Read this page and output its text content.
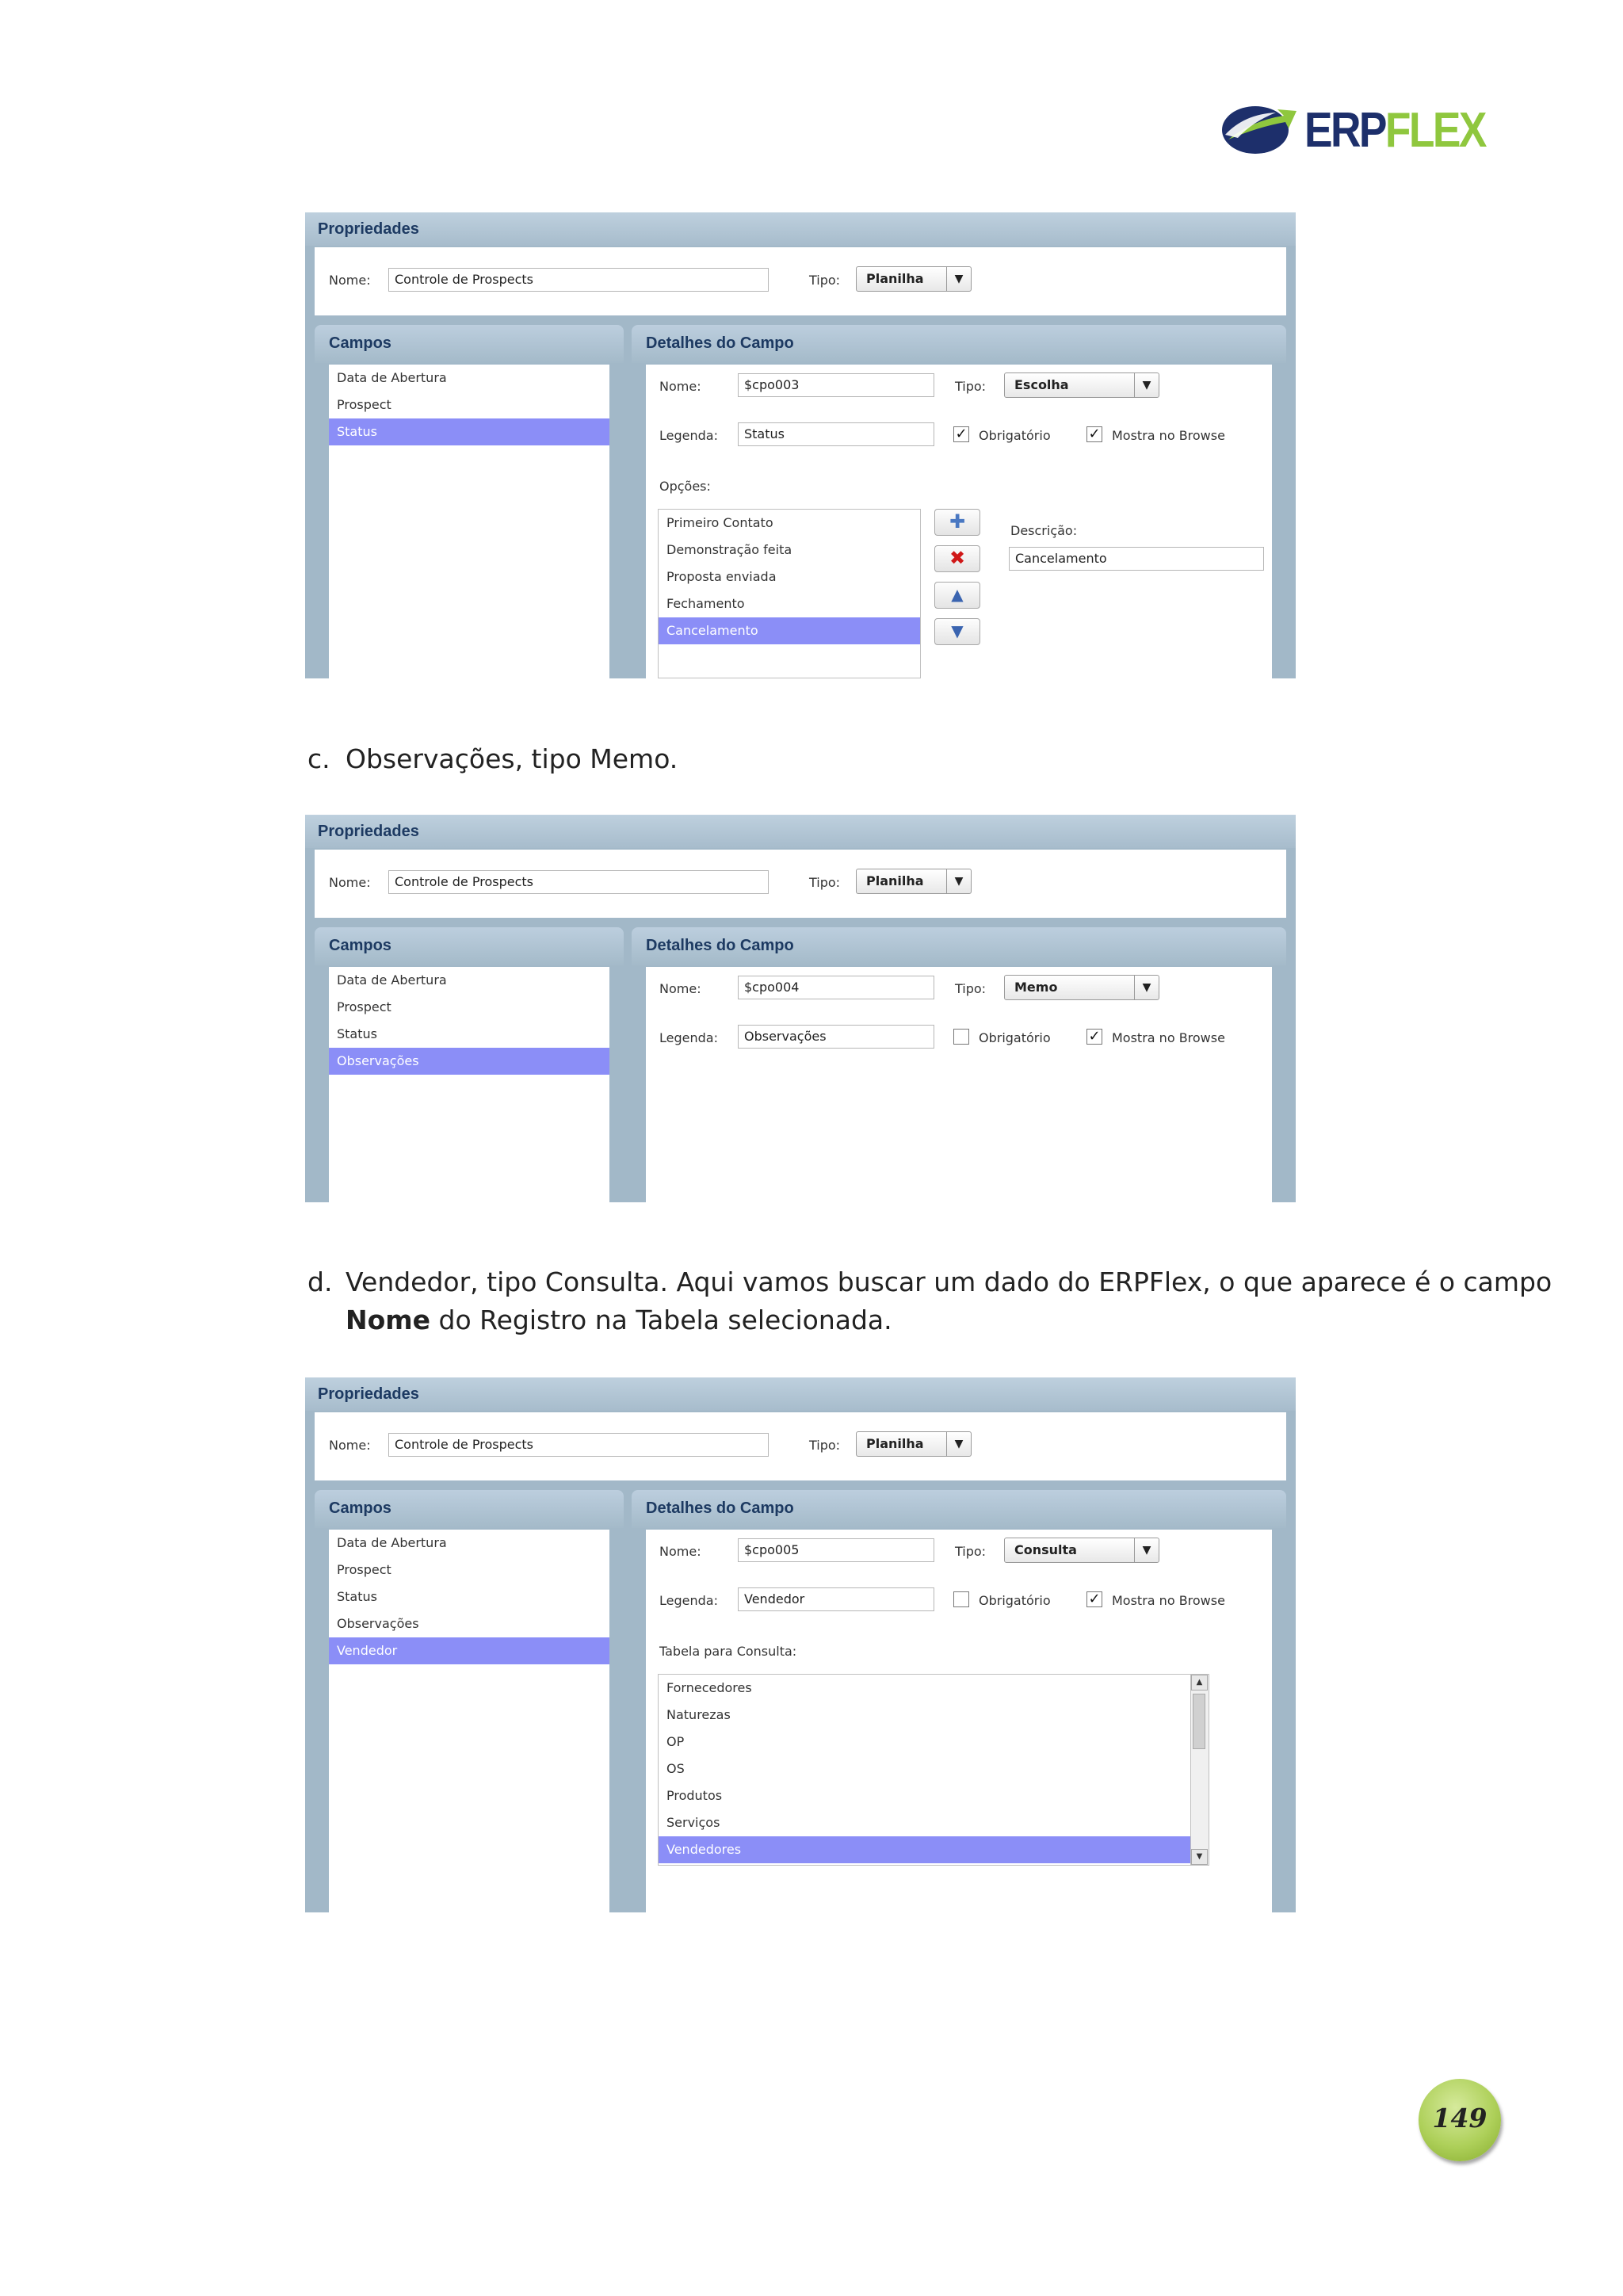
ERPFLEX
Propriedades
Nome:	Controle de Prospects	Tipo:	Planilha	▼
Campos
Data de Abertura
Prospect
Status
Detalhes do Campo
Nome:	$cpo003	Tipo:	Escolha	▼
Legenda:	Status	✓ Obrigatório	✓ Mostra no Browse
Opções:
Primeiro Contato
Demonstração feita
Proposta enviada
Fechamento
Cancelamento
✚
✖
▲
▼
Descrição:
Cancelamento
c. Observações, tipo Memo.
Propriedades
Nome:	Controle de Prospects	Tipo:	Planilha	▼
Campos
Data de Abertura
Prospect
Status
Observações
Detalhes do Campo
Nome:	$cpo004	Tipo:	Memo	▼
Legenda:	Observações	Obrigatório	✓ Mostra no Browse
d. Vendedor, tipo Consulta. Aqui vamos buscar um dado do ERPFlex, o que aparece é o campo
Nome do Registro na Tabela selecionada.
Propriedades
Nome:	Controle de Prospects	Tipo:	Planilha	▼
Campos
Data de Abertura
Prospect
Status
Observações
Vendedor
Detalhes do Campo
Nome:	$cpo005	Tipo:	Consulta	▼
Legenda:	Vendedor	Obrigatório	✓ Mostra no Browse
Tabela para Consulta:
Fornecedores
Naturezas
OP
OS
Produtos
Serviços
Vendedores
▲
▼
149
